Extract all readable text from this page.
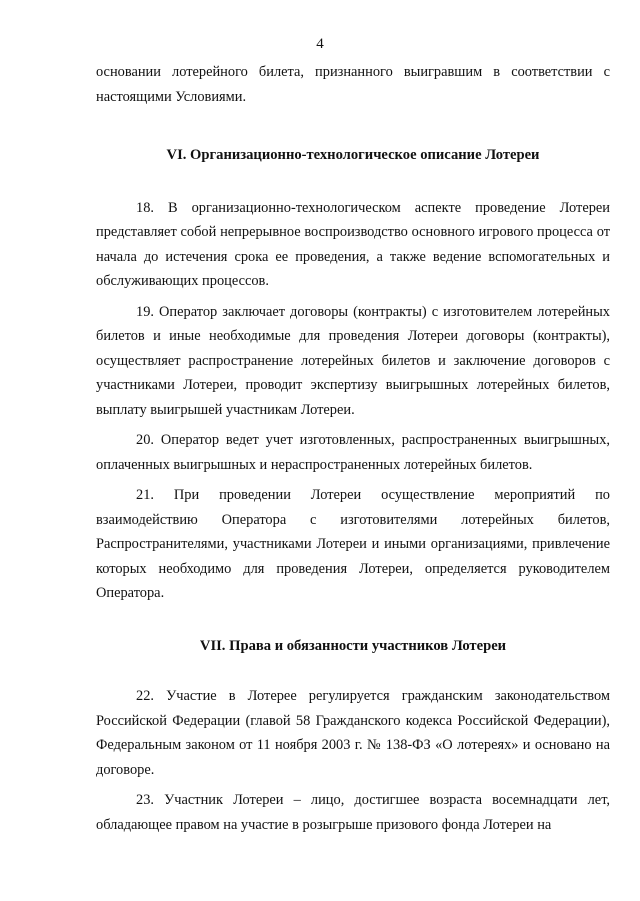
4

основании лотерейного билета, признанного выигравшим в соответствии с настоящими Условиями.

VI. Организационно-технологическое описание Лотереи

18. В организационно-технологическом аспекте проведение Лотереи представляет собой непрерывное воспроизводство основного игрового процесса от начала до истечения срока ее проведения, а также ведение вспомогательных и обслуживающих процессов.

19. Оператор заключает договоры (контракты) с изготовителем лотерейных билетов и иные необходимые для проведения Лотереи договоры (контракты), осуществляет распространение лотерейных билетов и заключение договоров с участниками Лотереи, проводит экспертизу выигрышных лотерейных билетов, выплату выигрышей участникам Лотереи.

20. Оператор ведет учет изготовленных, распространенных выигрышных, оплаченных выигрышных и нераспространенных лотерейных билетов.

21. При проведении Лотереи осуществление мероприятий по взаимодействию Оператора с изготовителями лотерейных билетов, Распространителями, участниками Лотереи и иными организациями, привлечение которых необходимо для проведения Лотереи, определяется руководителем Оператора.

VII. Права и обязанности участников Лотереи

22. Участие в Лотерее регулируется гражданским законодательством Российской Федерации (главой 58 Гражданского кодекса Российской Федерации), Федеральным законом от 11 ноября 2003 г. № 138-ФЗ «О лотереях» и основано на договоре.

23. Участник Лотереи – лицо, достигшее возраста восемнадцати лет, обладающее правом на участие в розыгрыше призового фонда Лотереи на
